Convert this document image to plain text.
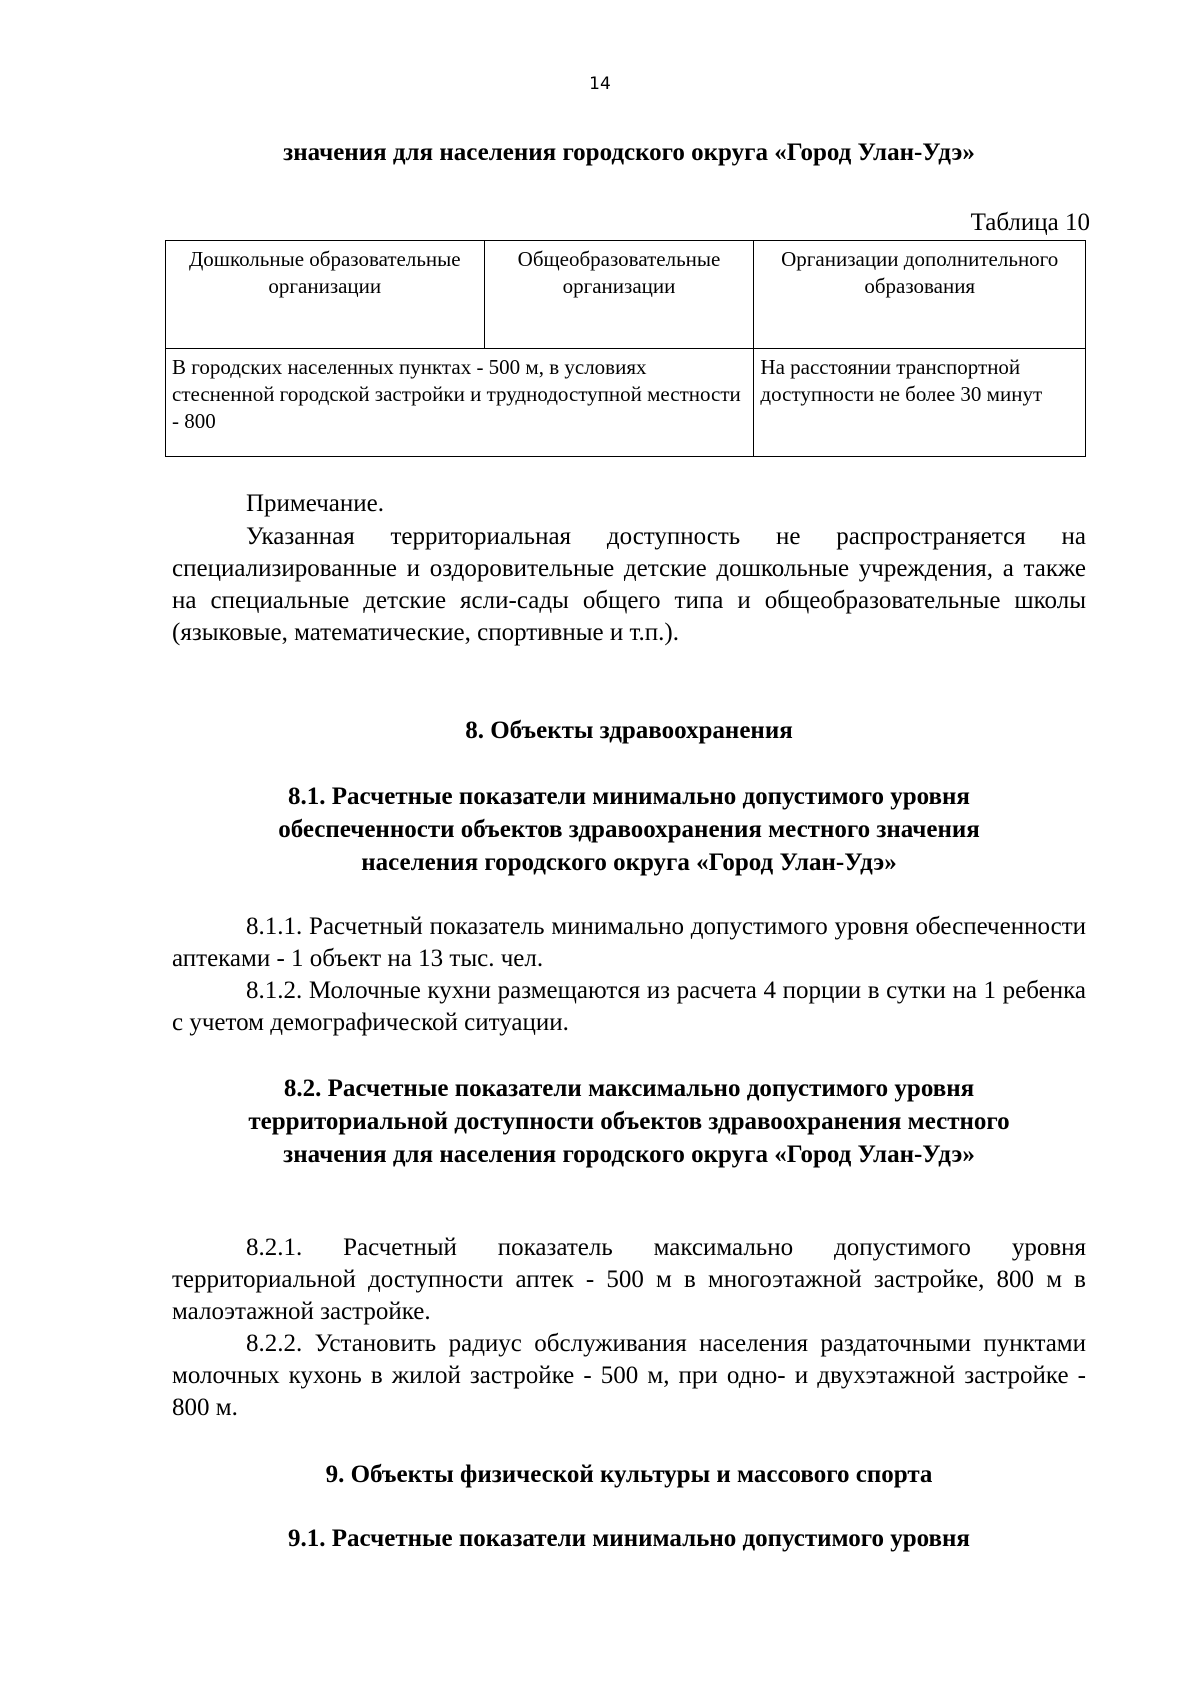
14
значения для населения городского округа «Город Улан-Удэ»
Таблица 10
Дошкольные образовательные организации	Общеобразовательные организации	Организации дополнительного образования
В городских населенных пунктах - 500 м, в условиях стесненной городской застройки и труднодоступной местности - 800		На расстоянии транспортной доступности не более 30 минут
Примечание.
Указанная территориальная доступность не распространяется на специализированные и оздоровительные детские дошкольные учреждения, а также на специальные детские ясли-сады общего типа и общеобразовательные школы (языковые, математические, спортивные и т.п.).
8. Объекты здравоохранения
8.1. Расчетные показатели минимально допустимого уровня обеспеченности объектов здравоохранения местного значения населения городского округа «Город Улан-Удэ»
8.1.1. Расчетный показатель минимально допустимого уровня обеспеченности аптеками - 1 объект на 13 тыс. чел.
8.1.2. Молочные кухни размещаются из расчета 4 порции в сутки на 1 ребенка с учетом демографической ситуации.
8.2. Расчетные показатели максимально допустимого уровня территориальной доступности объектов здравоохранения местного значения для населения городского округа «Город Улан-Удэ»
8.2.1. Расчетный показатель максимально допустимого уровня территориальной доступности аптек - 500 м в многоэтажной застройке, 800 м в малоэтажной застройке.
8.2.2. Установить радиус обслуживания населения раздаточными пунктами молочных кухонь в жилой застройке - 500 м, при одно- и двухэтажной застройке - 800 м.
9. Объекты физической культуры и массового спорта
9.1. Расчетные показатели минимально допустимого уровня
